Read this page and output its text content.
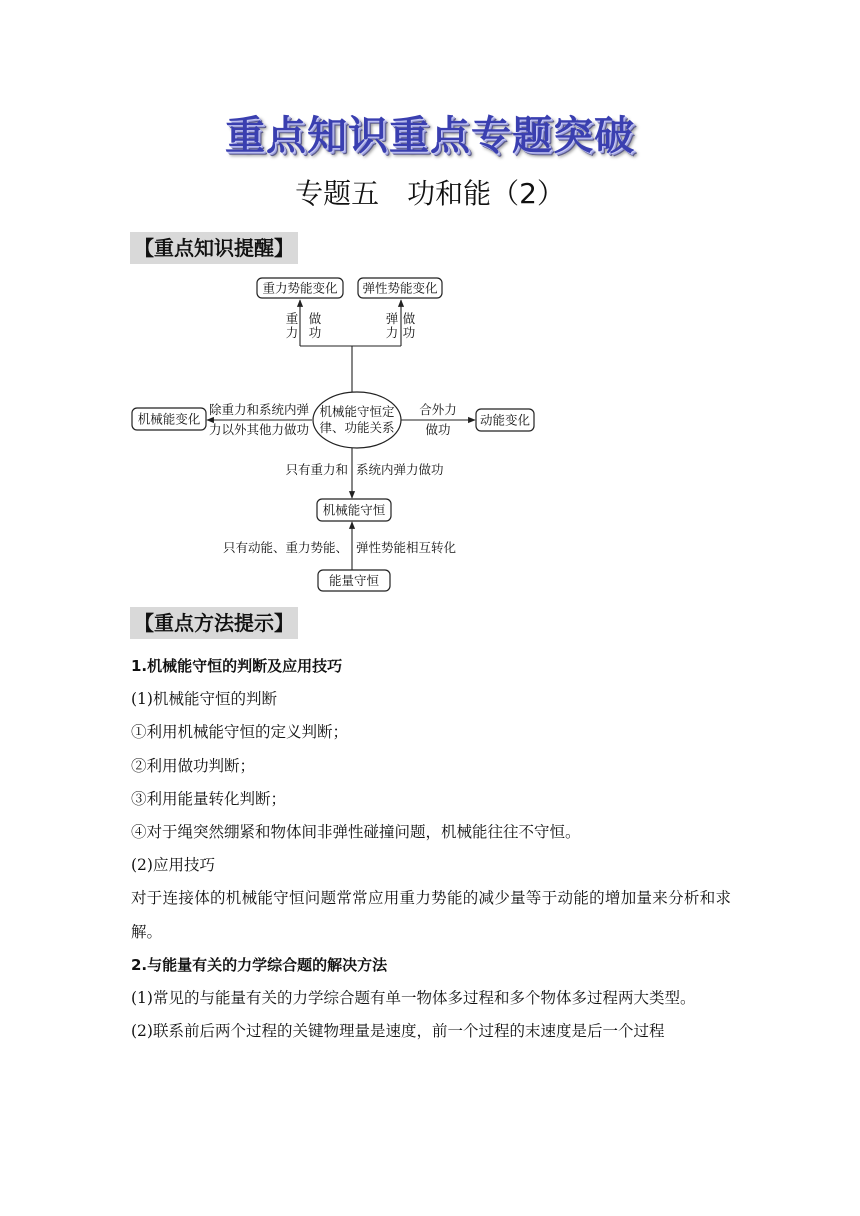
重点知识重点专题突破
专题五　功和能（2）
【重点知识提醒】
重力势能变化 弹性势能变化
重
力
做
功
弹
力
做
功
机械能变化
除重力和系统内弹
力以外其他力做功
机械能守恒定
律、功能关系
合外力
做功
动能变化
只有重力和 系统内弹力做功
机械能守恒
只有动能、重力势能、 弹性势能相互转化
能量守恒
【重点方法提示】
1.机械能守恒的判断及应用技巧
(1)机械能守恒的判断
①利用机械能守恒的定义判断；
②利用做功判断；
③利用能量转化判断；
④对于绳突然绷紧和物体间非弹性碰撞问题，机械能往往不守恒。
(2)应用技巧
对于连接体的机械能守恒问题常常应用重力势能的减少量等于动能的增加量来分析和求解。
2.与能量有关的力学综合题的解决方法
(1)常见的与能量有关的力学综合题有单一物体多过程和多个物体多过程两大类型。
(2)联系前后两个过程的关键物理量是速度，前一个过程的末速度是后一个过程
